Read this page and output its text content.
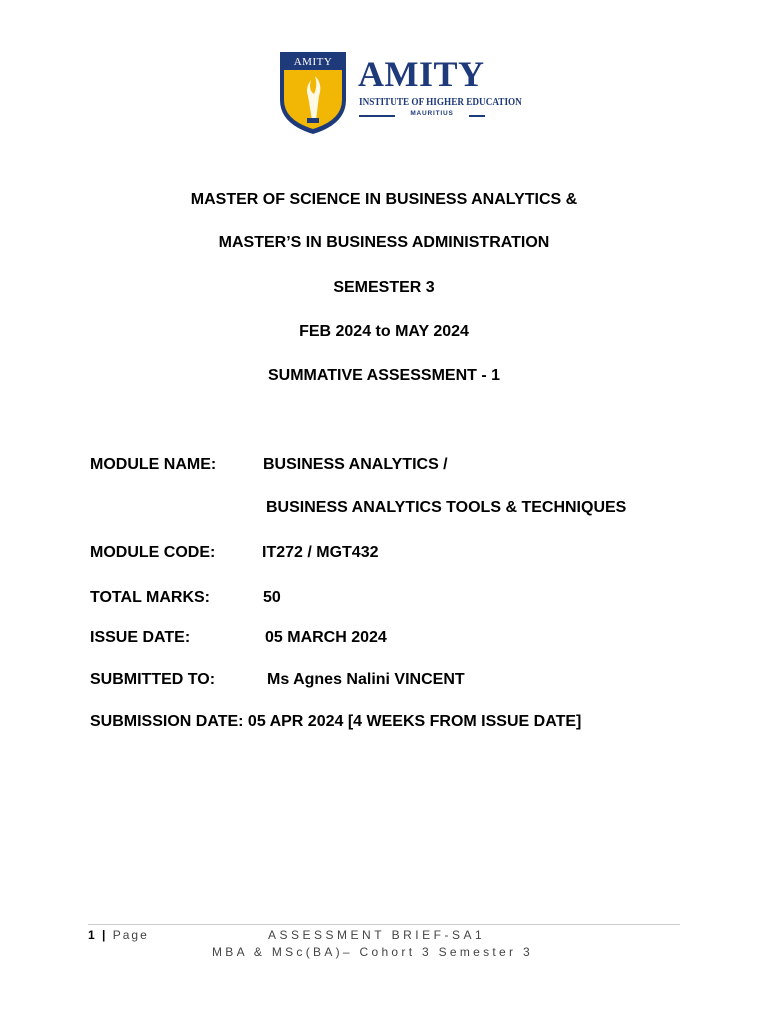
AMITY AMITY
INSTITUTE OF HIGHER EDUCATION
MAURITIUS
MASTER OF SCIENCE IN BUSINESS ANALYTICS &
MASTER’S IN BUSINESS ADMINISTRATION
SEMESTER 3
FEB 2024 to MAY 2024
SUMMATIVE ASSESSMENT - 1
MODULE NAME:	BUSINESS ANALYTICS /
BUSINESS ANALYTICS TOOLS & TECHNIQUES
MODULE CODE:	IT272 / MGT432
TOTAL MARKS:	50
ISSUE DATE:	05 MARCH 2024
SUBMITTED TO:	Ms Agnes Nalini VINCENT
SUBMISSION DATE: 05 APR 2024 [4 WEEKS FROM ISSUE DATE]
1 | Page	ASSESSMENT BRIEF-SA1
MBA & MSc(BA)– Cohort 3 Semester 3
